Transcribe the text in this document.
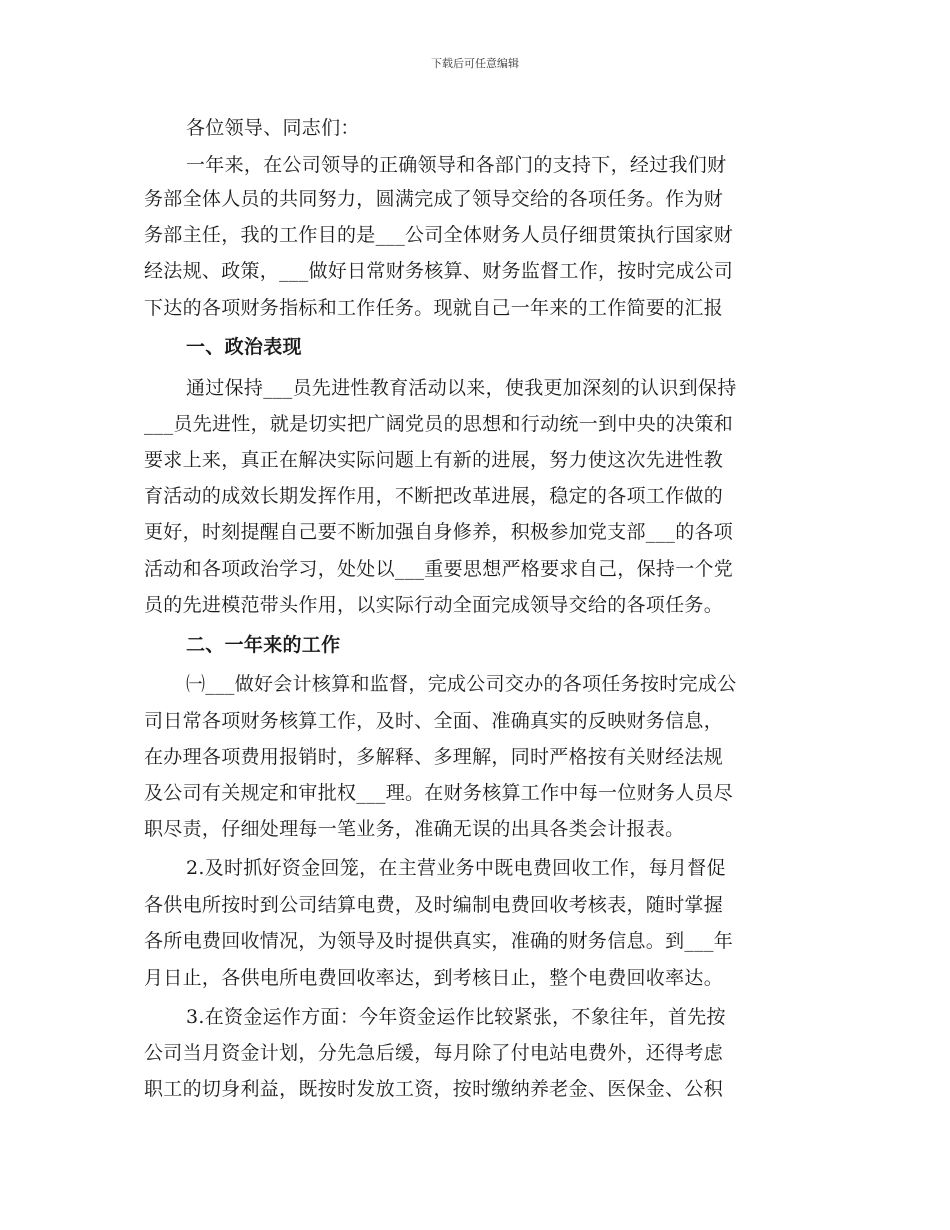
下载后可任意编辑
各位领导、同志们：
一年来，在公司领导的正确领导和各部门的支持下，经过我们财
务部全体人员的共同努力，圆满完成了领导交给的各项任务。作为财
务部主任，我的工作目的是___公司全体财务人员仔细贯策执行国家财
经法规、政策，___做好日常财务核算、财务监督工作，按时完成公司
下达的各项财务指标和工作任务。现就自己一年来的工作简要的汇报
一、政治表现
通过保持___员先进性教育活动以来，使我更加深刻的认识到保持
___员先进性，就是切实把广阔党员的思想和行动统一到中央的决策和
要求上来，真正在解决实际问题上有新的进展，努力使这次先进性教
育活动的成效长期发挥作用，不断把改革进展，稳定的各项工作做的
更好，时刻提醒自己要不断加强自身修养，积极参加党支部___的各项
活动和各项政治学习，处处以___重要思想严格要求自己，保持一个党
员的先进模范带头作用，以实际行动全面完成领导交给的各项任务。
二、一年来的工作
㈠___做好会计核算和监督，完成公司交办的各项任务按时完成公
司日常各项财务核算工作，及时、全面、准确真实的反映财务信息，
在办理各项费用报销时，多解释、多理解，同时严格按有关财经法规
及公司有关规定和审批权___理。在财务核算工作中每一位财务人员尽
职尽责，仔细处理每一笔业务，准确无误的出具各类会计报表。
2.及时抓好资金回笼，在主营业务中既电费回收工作，每月督促
各供电所按时到公司结算电费，及时编制电费回收考核表，随时掌握
各所电费回收情况，为领导及时提供真实，准确的财务信息。到___年
月日止，各供电所电费回收率达，到考核日止，整个电费回收率达。
3.在资金运作方面：今年资金运作比较紧张，不象往年，首先按
公司当月资金计划，分先急后缓，每月除了付电站电费外，还得考虑
职工的切身利益，既按时发放工资，按时缴纳养老金、医保金、公积
